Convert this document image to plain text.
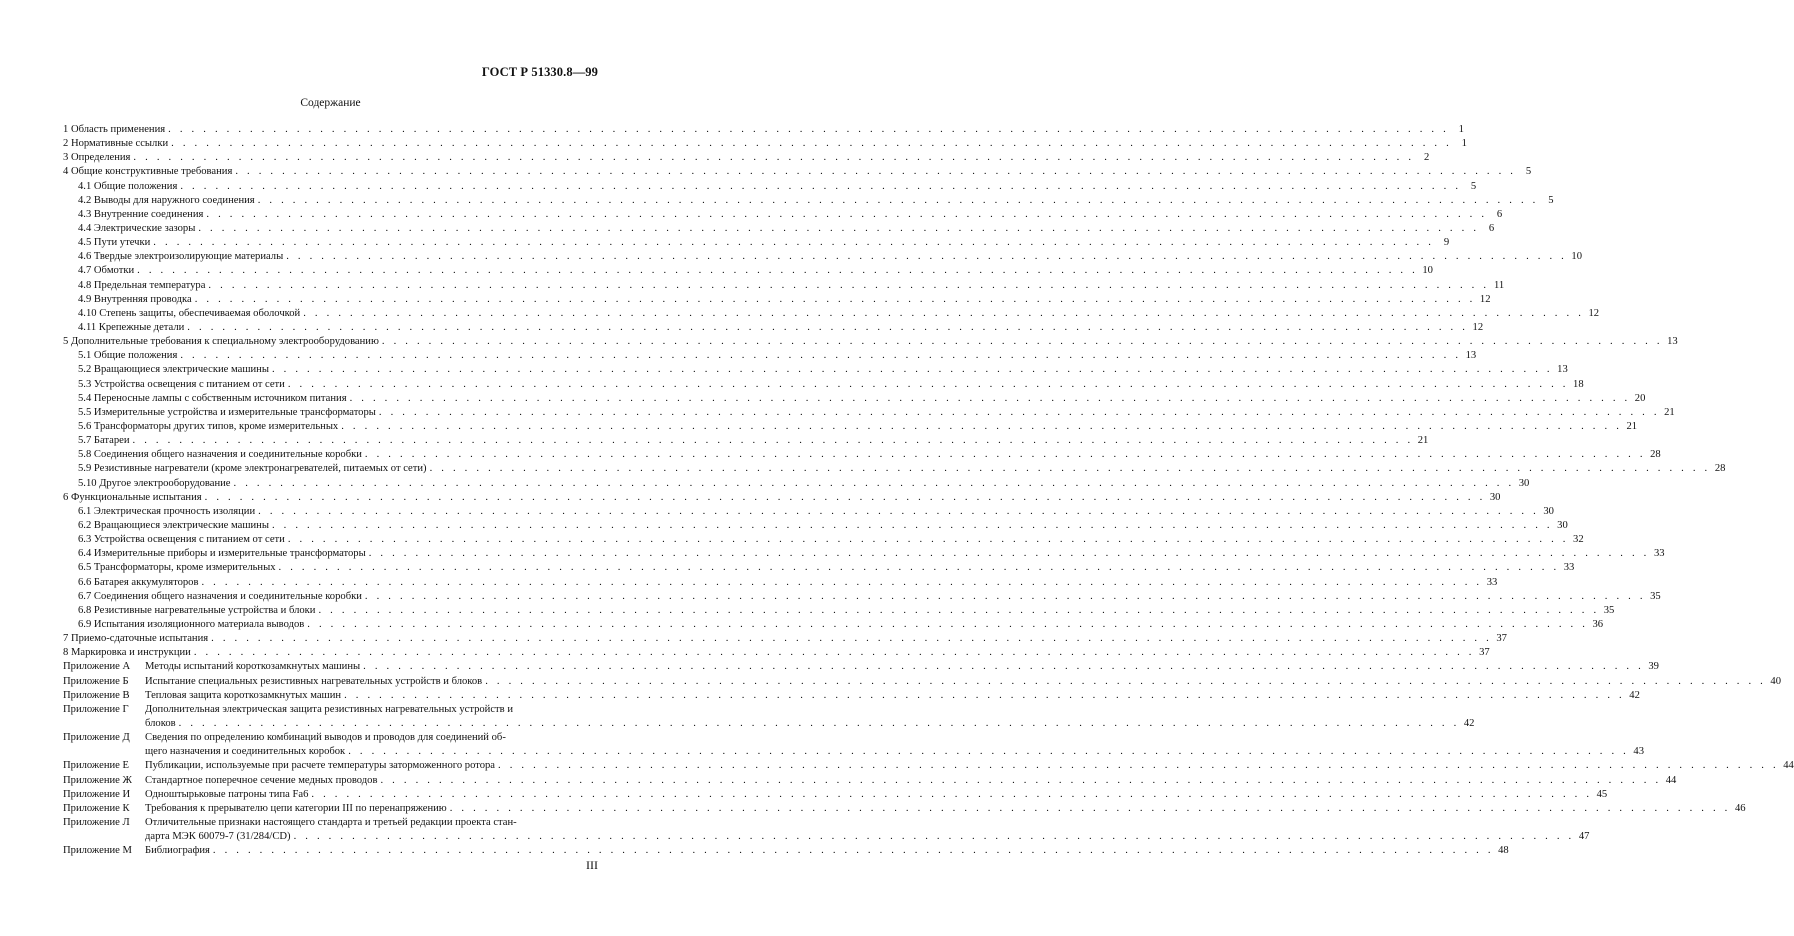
ГОСТ Р 51330.8—99
Содержание
1 Область применения . . .	1
2 Нормативные ссылки . . .	1
3 Определения . . .	2
4 Общие конструктивные требования . . .	5
4.1 Общие положения . . .	5
4.2 Выводы для наружного соединения . . .	5
4.3 Внутренние соединения . . .	6
4.4 Электрические зазоры . . .	6
4.5 Пути утечки . . .	9
4.6 Твердые электроизолирующие материалы . . .	10
4.7 Обмотки . . .	10
4.8 Предельная температура . . .	11
4.9 Внутренняя проводка . . .	12
4.10 Степень защиты, обеспечиваемая оболочкой . . .	12
4.11 Крепежные детали . . .	12
5 Дополнительные требования к специальному электрооборудованию . . .	13
5.1 Общие положения . . .	13
5.2 Вращающиеся электрические машины . . .	13
5.3 Устройства освещения с питанием от сети . . .	18
5.4 Переносные лампы с собственным источником питания . . .	20
5.5 Измерительные устройства и измерительные трансформаторы . . .	21
5.6 Трансформаторы других типов, кроме измерительных . . .	21
5.7 Батареи . . .	21
5.8 Соединения общего назначения и соединительные коробки . . .	28
5.9 Резистивные нагреватели (кроме электронагревателей, питаемых от сети) . . .	28
5.10 Другое электрооборудование . . .	30
6 Функциональные испытания . . .	30
6.1 Электрическая прочность изоляции . . .	30
6.2 Вращающиеся электрические машины . . .	30
6.3 Устройства освещения с питанием от сети . . .	32
6.4 Измерительные приборы и измерительные трансформаторы . . .	33
6.5 Трансформаторы, кроме измерительных . . .	33
6.6 Батарея аккумуляторов . . .	33
6.7 Соединения общего назначения и соединительные коробки . . .	35
6.8 Резистивные нагревательные устройства и блоки . . .	35
6.9 Испытания изоляционного материала выводов . . .	36
7 Приемо-сдаточные испытания . . .	37
8 Маркировка и инструкции . . .	37
Приложение А	Методы испытаний короткозамкнутых машины . . .	39
Приложение Б	Испытание специальных резистивных нагревательных устройств и блоков . . .	40
Приложение В	Тепловая защита короткозамкнутых машин . . .	42
Приложение Г	Дополнительная электрическая защита резистивных нагревательных устройств и
блоков . . .	42
Приложение Д	Сведения по определению комбинаций выводов и проводов для соединений об-
щего назначения и соединительных коробок . . .	43
Приложение Е	Публикации, используемые при расчете температуры заторможенного ротора . . .	44
Приложение Ж	Стандартное поперечное сечение медных проводов . . .	44
Приложение И	Одноштырьковые патроны типа Fa6 . . .	45
Приложение К	Требования к прерывателю цепи категории III по перенапряжению . . .	46
Приложение Л	Отличительные признаки настоящего стандарта и третьей редакции проекта стан-
дарта МЭК 60079-7 (31/284/CD) . . .	47
Приложение М	Библиография . . .	48
III
